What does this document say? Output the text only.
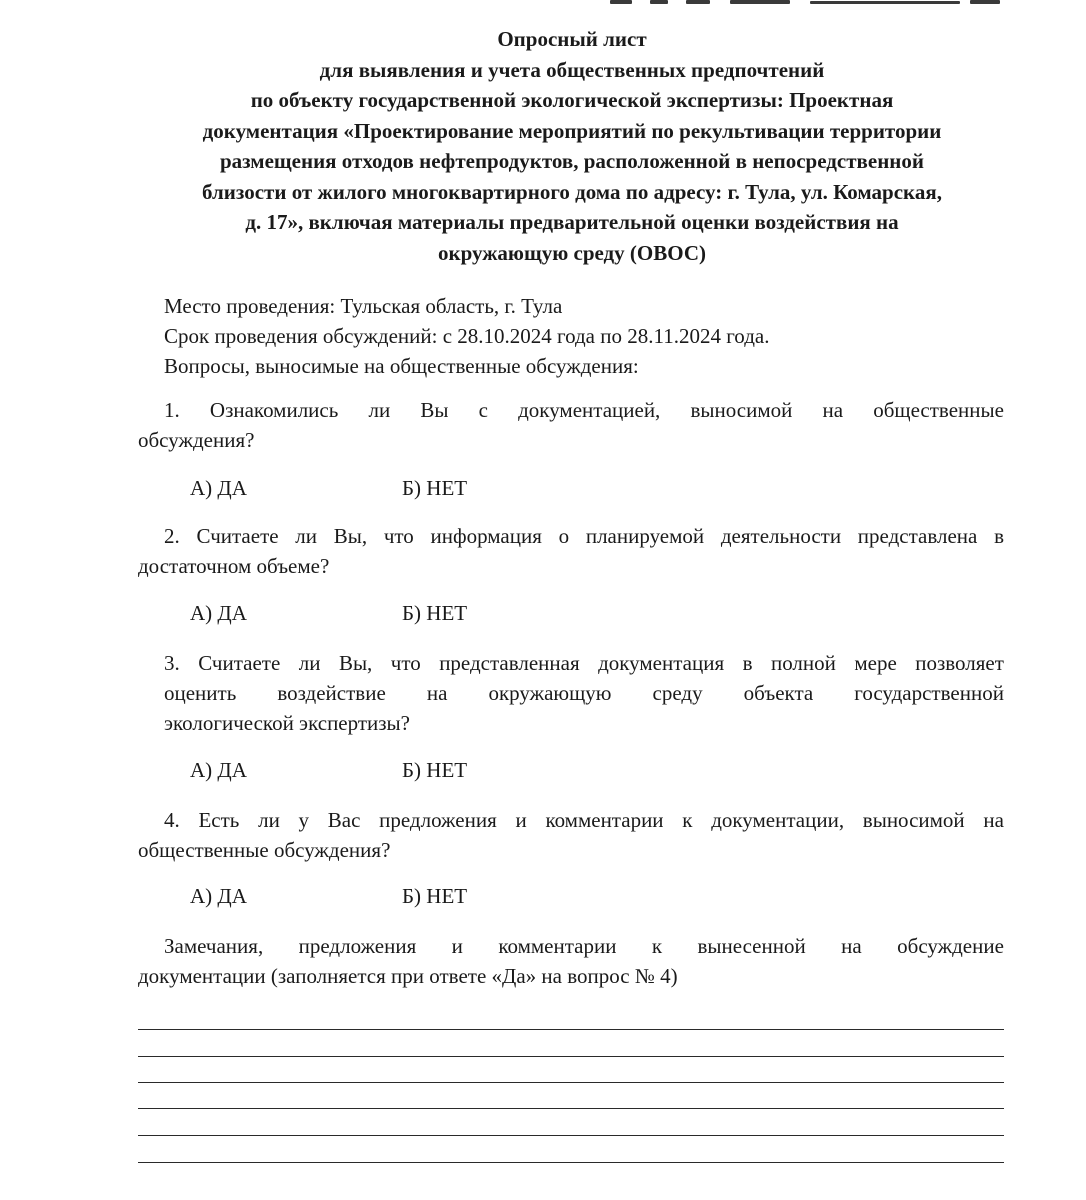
Опросный лист
для выявления и учета общественных предпочтений
по объекту государственной экологической экспертизы: Проектная
документация «Проектирование мероприятий по рекультивации территории
размещения отходов нефтепродуктов, расположенной в непосредственной
близости от жилого многоквартирного дома по адресу: г. Тула, ул. Комарская,
д. 17», включая материалы предварительной оценки воздействия на
окружающую среду (ОВОС)
Место проведения: Тульская область, г. Тула
Срок проведения обсуждений: с 28.10.2024 года по 28.11.2024 года.
Вопросы, выносимые на общественные обсуждения:
1. Ознакомились ли Вы с документацией, выносимой на общественные
обсуждения?
А) ДА	Б) НЕТ
2. Считаете ли Вы, что информация о планируемой деятельности представлена в
достаточном объеме?
А) ДА	Б) НЕТ
3. Считаете ли Вы, что представленная документация в полной мере позволяет
оценить воздействие на окружающую среду объекта государственной
экологической экспертизы?
А) ДА	Б) НЕТ
4. Есть ли у Вас предложения и комментарии к документации, выносимой на
общественные обсуждения?
А) ДА	Б) НЕТ
Замечания, предложения и комментарии к вынесенной на обсуждение
документации (заполняется при ответе «Да» на вопрос № 4)
